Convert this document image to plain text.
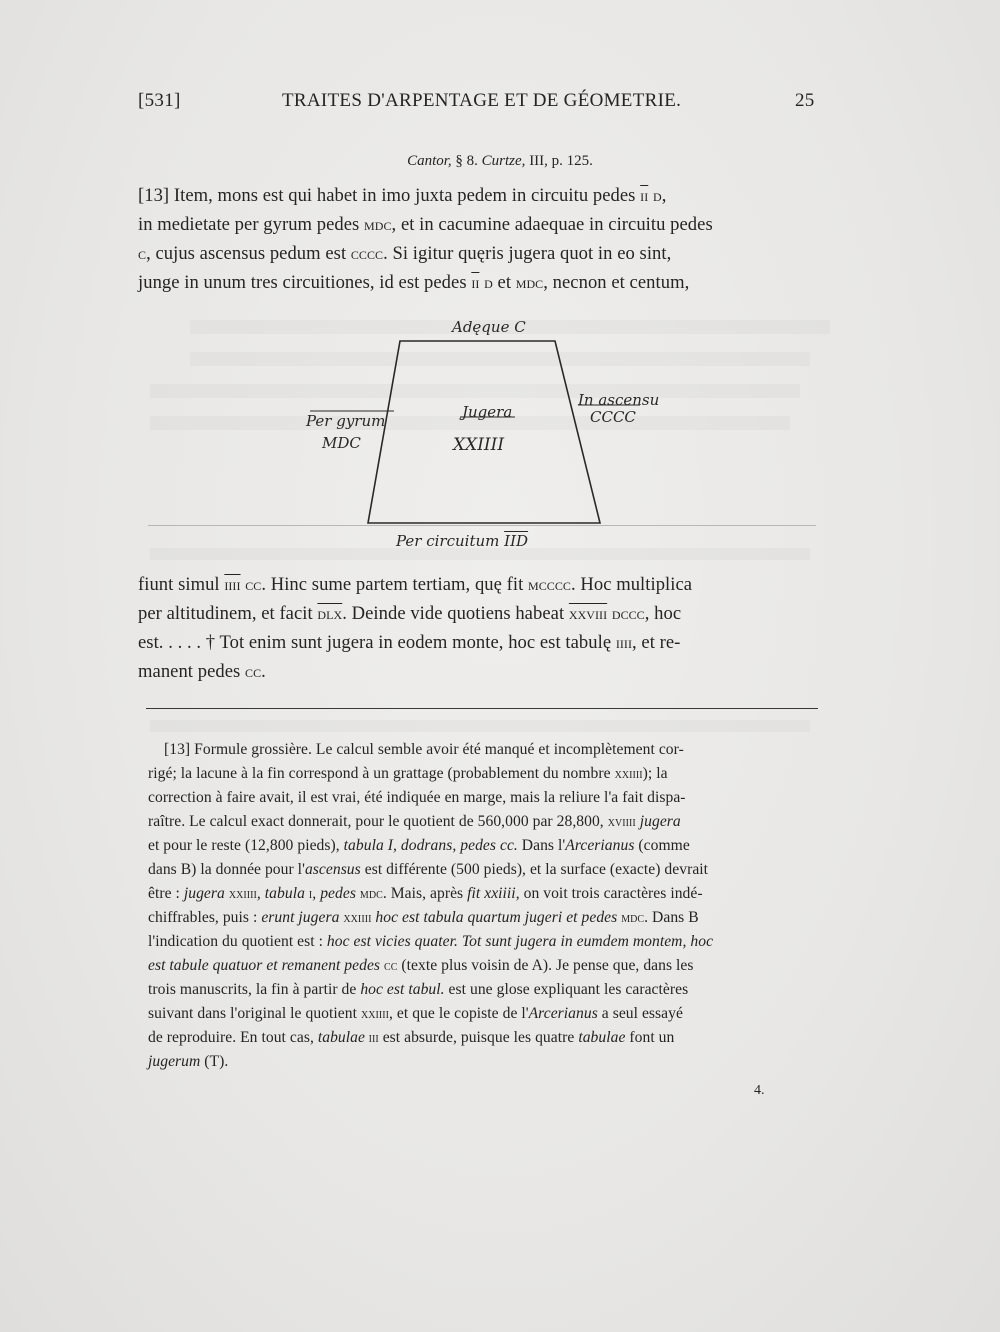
[531]	TRAITES D'ARPENTAGE ET DE GÉOMETRIE.	25
Cantor, § 8. Curtze, III, p. 125.
[13] Item, mons est qui habet in imo juxta pedem in circuitu pedes $\overline{ii}$ d,
in medietate per gyrum pedes mdc, et in cacumine adaequae in circuitu pedes
c, cujus ascensus pedum est cccc. Si igitur quęris jugera quot in eo sint,
junge in unum tres circuitiones, id est pedes $\overline{ii}$ d et mdc, necnon et centum,
Adęque C
Per gyrum
MDC
Jugera
XXIIII
In ascensu
CCCC
Per circuitum $\overline{IID}$
fiunt simul iiii cc. Hinc sume partem tertiam, quę fit mcccc. Hoc multiplica
per altitudinem, et facit $\overline{dlx}$. Deinde vide quotiens habeat xxviii dccc, hoc
est. . . . . † Tot enim sunt jugera in eodem monte, hoc est tabulę iiii, et re-
manent pedes cc.
[13] Formule grossière. Le calcul semble avoir été manqué et incomplètement cor-
rigé; la lacune à la fin correspond à un grattage (probablement du nombre xxiiii); la
correction à faire avait, il est vrai, été indiquée en marge, mais la reliure l'a fait dispa-
raître. Le calcul exact donnerait, pour le quotient de 560,000 par 28,800, xviiii jugera
et pour le reste (12,800 pieds), tabula I, dodrans, pedes cc. Dans l'Arcerianus (comme
dans B) la donnée pour l'ascensus est différente (500 pieds), et la surface (exacte) devrait
être : jugera xxiiii, tabula i, pedes mdc. Mais, après fit xxiiii, on voit trois caractères indé-
chiffrables, puis : erunt jugera xxiiii hoc est tabula quartum jugeri et pedes mdc. Dans B
l'indication du quotient est : hoc est vicies quater. Tot sunt jugera in eumdem montem, hoc
est tabule quatuor et remanent pedes cc (texte plus voisin de A). Je pense que, dans les
trois manuscrits, la fin à partir de hoc est tabul. est une glose expliquant les caractères
suivant dans l'original le quotient xxiiii, et que le copiste de l'Arcerianus a seul essayé
de reproduire. En tout cas, tabulae iii est absurde, puisque les quatre tabulae font un
jugerum (T).
4.
